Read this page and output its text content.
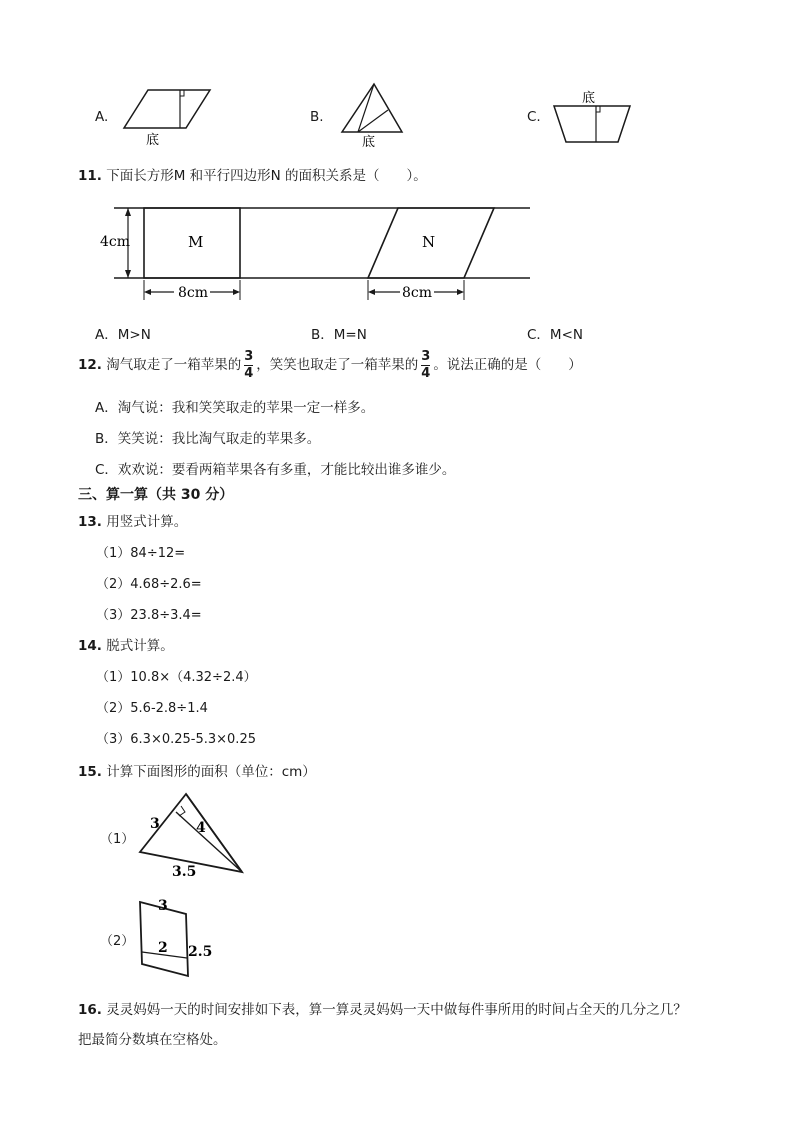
A.
底
B.
底
C.
底
11. 下面长方形M 和平行四边形N 的面积关系是（　　）。
4cm	M
8cm
N
8cm
A．M>N	B．M=N	C．M<N
12. 淘气取走了一箱苹果的 $\frac{3}{4}$ ，笑笑也取走了一箱苹果的 $\frac{3}{4}$ 。说法正确的是（　　）
A．淘气说：我和笑笑取走的苹果一定一样多。
B．笑笑说：我比淘气取走的苹果多。
C．欢欢说：要看两箱苹果各有多重，才能比较出谁多谁少。
三、算一算（共 30 分）
13. 用竖式计算。
（1）84÷12=
（2）4.68÷2.6=
（3）23.8÷3.4=
14. 脱式计算。
（1）10.8×（4.32÷2.4）
（2）5.6-2.8÷1.4
（3）6.3×0.25-5.3×0.25
15. 计算下面图形的面积（单位：cm）
（1）
3	4
3.5
（2）
3
2 2.5
16. 灵灵妈妈一天的时间安排如下表，算一算灵灵妈妈一天中做每件事所用的时间占全天的几分之几？
把最简分数填在空格处。
